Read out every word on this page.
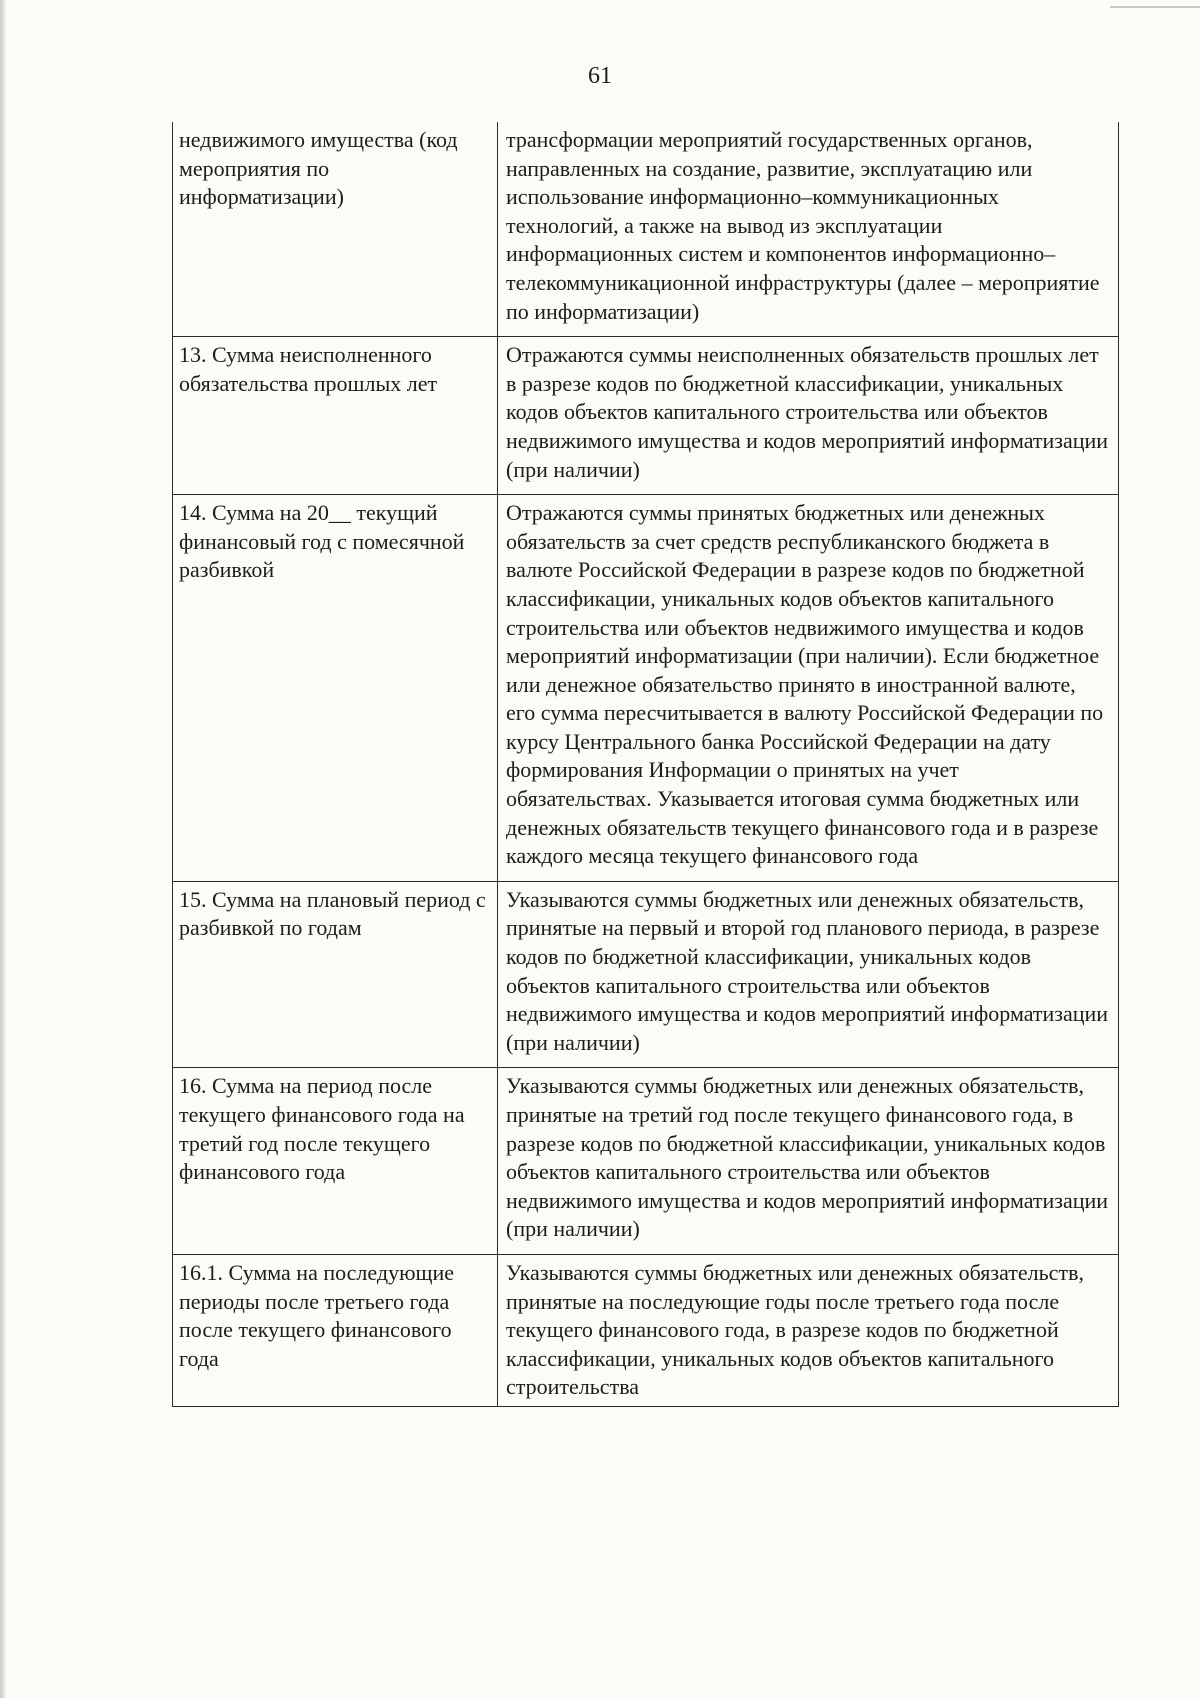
61
недвижимого имущества (код мероприятия по информатизации)	трансформации мероприятий государственных органов, направленных на создание, развитие, эксплуатацию или использование информационно–коммуникационных технологий, а также на вывод из эксплуатации информационных систем и компонентов информационно–телекоммуникационной инфраструктуры (далее – мероприятие по информатизации)
13. Сумма неисполненного обязательства прошлых лет	Отражаются суммы неисполненных обязательств прошлых лет в разрезе кодов по бюджетной классификации, уникальных кодов объектов капитального строительства или объектов недвижимого имущества и кодов мероприятий информатизации (при наличии)
14. Сумма на 20__ текущий финансовый год с помесячной разбивкой	Отражаются суммы принятых бюджетных или денежных обязательств за счет средств республиканского бюджета в валюте Российской Федерации в разрезе кодов по бюджетной классификации, уникальных кодов объектов капитального строительства или объектов недвижимого имущества и кодов мероприятий информатизации (при наличии). Если бюджетное или денежное обязательство принято в иностранной валюте, его сумма пересчитывается в валюту Российской Федерации по курсу Центрального банка Российской Федерации на дату формирования Информации о принятых на учет обязательствах. Указывается итоговая сумма бюджетных или денежных обязательств текущего финансового года и в разрезе каждого месяца текущего финансового года
15. Сумма на плановый период с разбивкой по годам	Указываются суммы бюджетных или денежных обязательств, принятые на первый и второй год планового периода, в разрезе кодов по бюджетной классификации, уникальных кодов объектов капитального строительства или объектов недвижимого имущества и кодов мероприятий информатизации (при наличии)
16. Сумма на период после текущего финансового года на третий год после текущего финансового года	Указываются суммы бюджетных или денежных обязательств, принятые на третий год после текущего финансового года, в разрезе кодов по бюджетной классификации, уникальных кодов объектов капитального строительства или объектов недвижимого имущества и кодов мероприятий информатизации (при наличии)
16.1. Сумма на последующие периоды после третьего года после текущего финансового года	Указываются суммы бюджетных или денежных обязательств, принятые на последующие годы после третьего года после текущего финансового года, в разрезе кодов по бюджетной классификации, уникальных кодов объектов капитального строительства
